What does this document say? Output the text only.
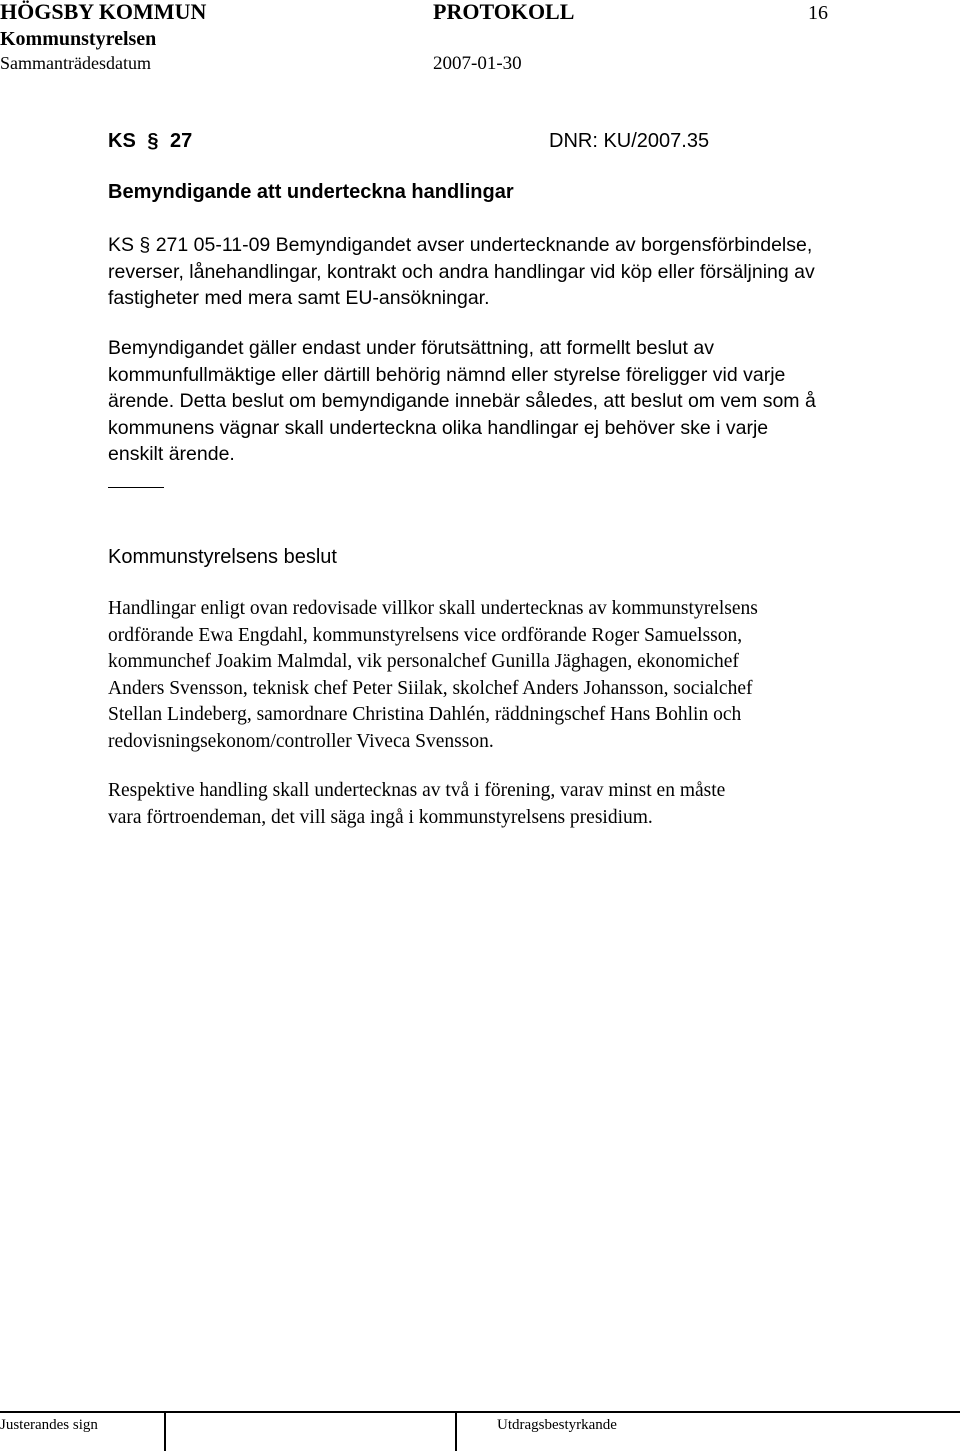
HÖGSBY KOMMUN	PROTOKOLL	16
Kommunstyrelsen
Sammanträdesdatum	2007-01-30
KS § 27	DNR: KU/2007.35
Bemyndigande att underteckna handlingar
KS § 271 05-11-09 Bemyndigandet avser undertecknande av borgensförbindelse,
reverser, lånehandlingar, kontrakt och andra handlingar vid köp eller försäljning av
fastigheter med mera samt EU-ansökningar.
Bemyndigandet gäller endast under förutsättning, att formellt beslut av
kommunfullmäktige eller därtill behörig nämnd eller styrelse föreligger vid varje
ärende. Detta beslut om bemyndigande innebär således, att beslut om vem som å
kommunens vägnar skall underteckna olika handlingar ej behöver ske i varje
enskilt ärende.
Kommunstyrelsens beslut
Handlingar enligt ovan redovisade villkor skall undertecknas av kommunstyrelsens
ordförande Ewa Engdahl, kommunstyrelsens vice ordförande Roger Samuelsson,
kommunchef Joakim Malmdal, vik personalchef Gunilla Jäghagen, ekonomichef
Anders Svensson, teknisk chef Peter Siilak, skolchef Anders Johansson, socialchef
Stellan Lindeberg, samordnare Christina Dahlén, räddningschef Hans Bohlin och
redovisningsekonom/controller Viveca Svensson.
Respektive handling skall undertecknas av två i förening, varav minst en måste
vara förtroendeman, det vill säga ingå i kommunstyrelsens presidium.
Justerandes sign	Utdragsbestyrkande
